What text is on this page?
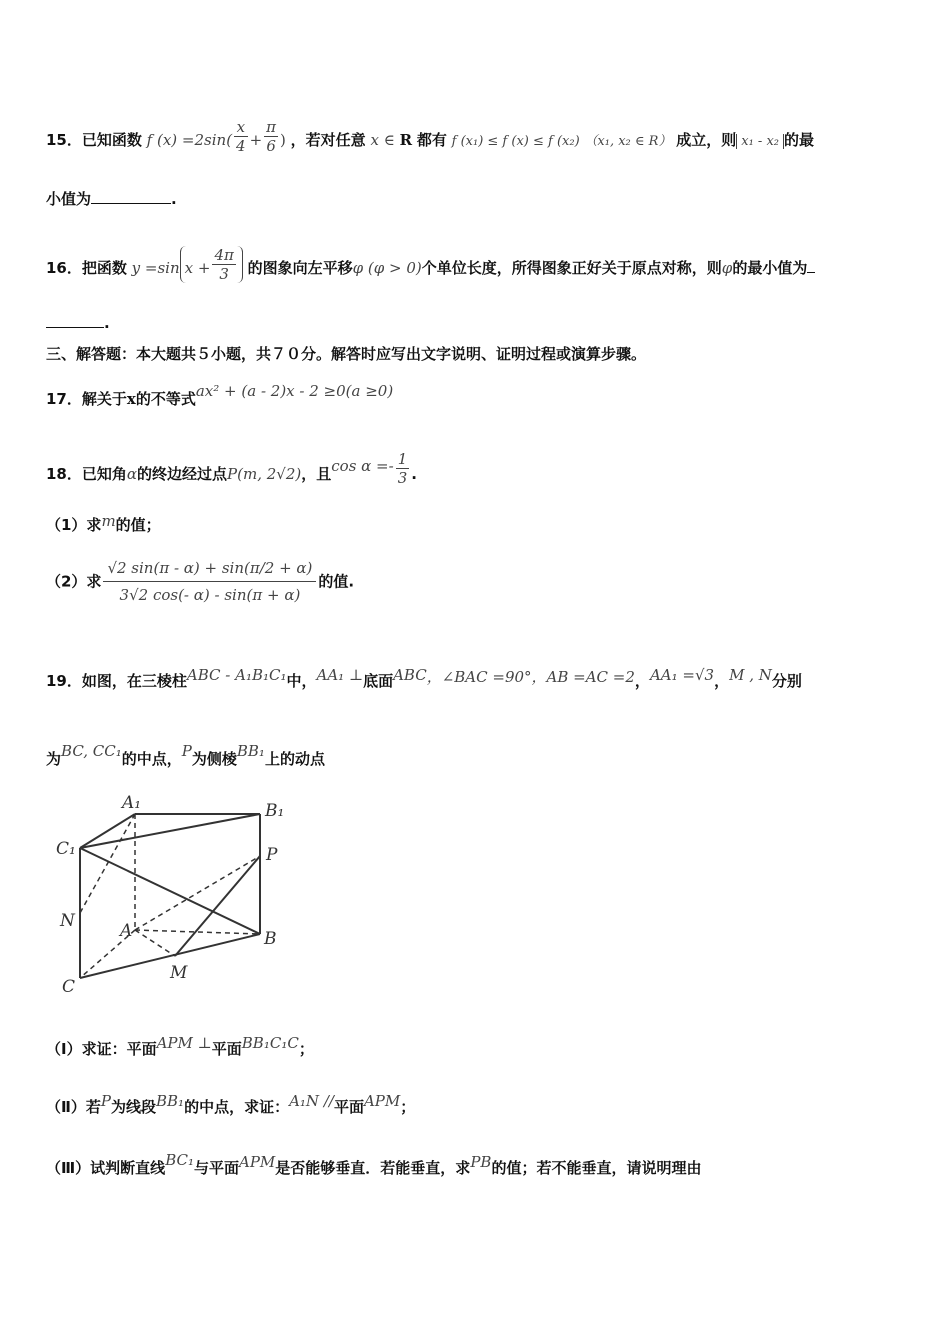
15．已知函数 f $(x) =2\sin( \frac{x}{4} + \frac{\pi}{6}$ ) ，若对任意 x ∈ R 都有 f (x₁) ≤ f (x) ≤ f (x₂) （x₁, x₂ ∈ R） 成立，则 x₁ - x₂ 的最
小值为	.
16．把函数 y =sin $x + \frac{4\pi}{3}$ 的图象向左平移φ (φ > 0)个单位长度，所得图象正好关于原点对称，则φ的最小值为
.
三、解答题：本大题共５小题，共７０分。解答时应写出文字说明、证明过程或演算步骤。
17．解关于x的不等式ax² + (a - 2)x - 2 ≥0(a ≥0)
18．已知角α的终边经过点P(m, 2√2)，且$\cos \alpha =- \frac{1}{3}$ .
（1）求m的值；
（2）求 $\frac{√2 \sin(\pi - \alpha) + \sin(\pi/2 + \alpha)}{3√2 \cos(- \alpha) - \sin(\pi + \alpha)}$ 的值.
19．如图，在三棱柱ABC - A₁B₁C₁中，AA₁ ⊥底面ABC，∠BAC =90°，AB =AC =2，AA₁ =√3，M , N分别
为BC, CC₁的中点，P为侧棱BB₁上的动点
A₁	B₁
C₁	P
N	A	B
M
C
（Ⅰ）求证：平面APM ⊥平面BB₁C₁C；
（Ⅱ）若P为线段BB₁的中点，求证：A₁N //平面APM；
（Ⅲ）试判断直线BC₁与平面APM是否能够垂直．若能垂直，求PB的值；若不能垂直，请说明理由
